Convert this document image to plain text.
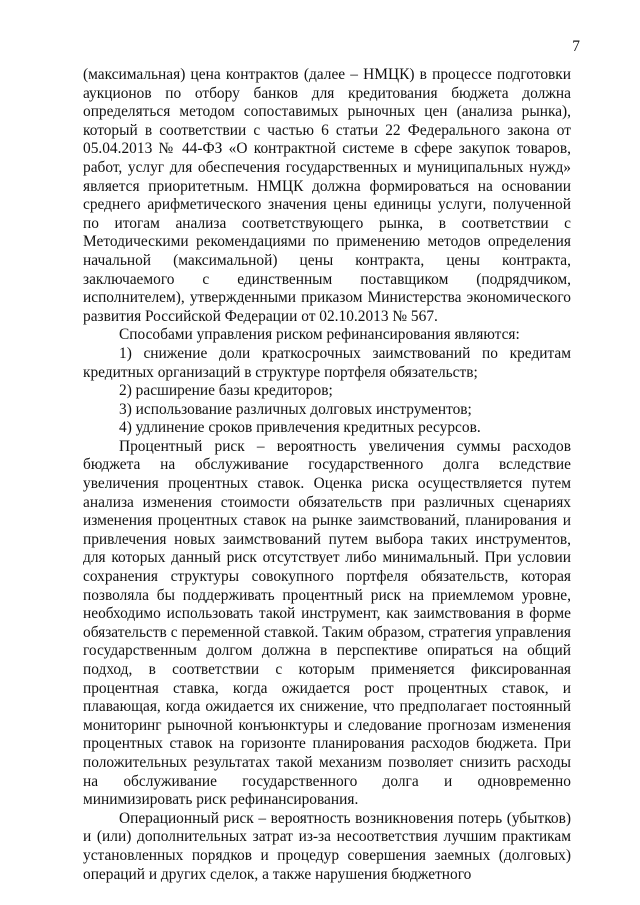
7

(максимальная) цена контрактов (далее – НМЦК) в процессе подготовки аукционов по отбору банков для кредитования бюджета должна определяться методом сопоставимых рыночных цен (анализа рынка), который в соответствии с частью 6 статьи 22 Федерального закона от 05.04.2013 № 44-ФЗ «О контрактной системе в сфере закупок товаров, работ, услуг для обеспечения государственных и муниципальных нужд» является приоритетным. НМЦК должна формироваться на основании среднего арифметического значения цены единицы услуги, полученной по итогам анализа соответствующего рынка, в соответствии с Методическими рекомендациями по применению методов определения начальной (максимальной) цены контракта, цены контракта, заключаемого с единственным поставщиком (подрядчиком, исполнителем), утвержденными приказом Министерства экономического развития Российской Федерации от 02.10.2013 № 567.

Способами управления риском рефинансирования являются:

1) снижение доли краткосрочных заимствований по кредитам кредитных организаций в структуре портфеля обязательств;

2) расширение базы кредиторов;

3) использование различных долговых инструментов;

4) удлинение сроков привлечения кредитных ресурсов.

Процентный риск – вероятность увеличения суммы расходов бюджета на обслуживание государственного долга вследствие увеличения процентных ставок. Оценка риска осуществляется путем анализа изменения стоимости обязательств при различных сценариях изменения процентных ставок на рынке заимствований, планирования и привлечения новых заимствований путем выбора таких инструментов, для которых данный риск отсутствует либо минимальный. При условии сохранения структуры совокупного портфеля обязательств, которая позволяла бы поддерживать процентный риск на приемлемом уровне, необходимо использовать такой инструмент, как заимствования в форме обязательств с переменной ставкой. Таким образом, стратегия управления государственным долгом должна в перспективе опираться на общий подход, в соответствии с которым применяется фиксированная процентная ставка, когда ожидается рост процентных ставок, и плавающая, когда ожидается их снижение, что предполагает постоянный мониторинг рыночной конъюнктуры и следование прогнозам изменения процентных ставок на горизонте планирования расходов бюджета. При положительных результатах такой механизм позволяет снизить расходы на обслуживание государственного долга и одновременно минимизировать риск рефинансирования.

Операционный риск – вероятность возникновения потерь (убытков) и (или) дополнительных затрат из-за несоответствия лучшим практикам установленных порядков и процедур совершения заемных (долговых) операций и других сделок, а также нарушения бюджетного
